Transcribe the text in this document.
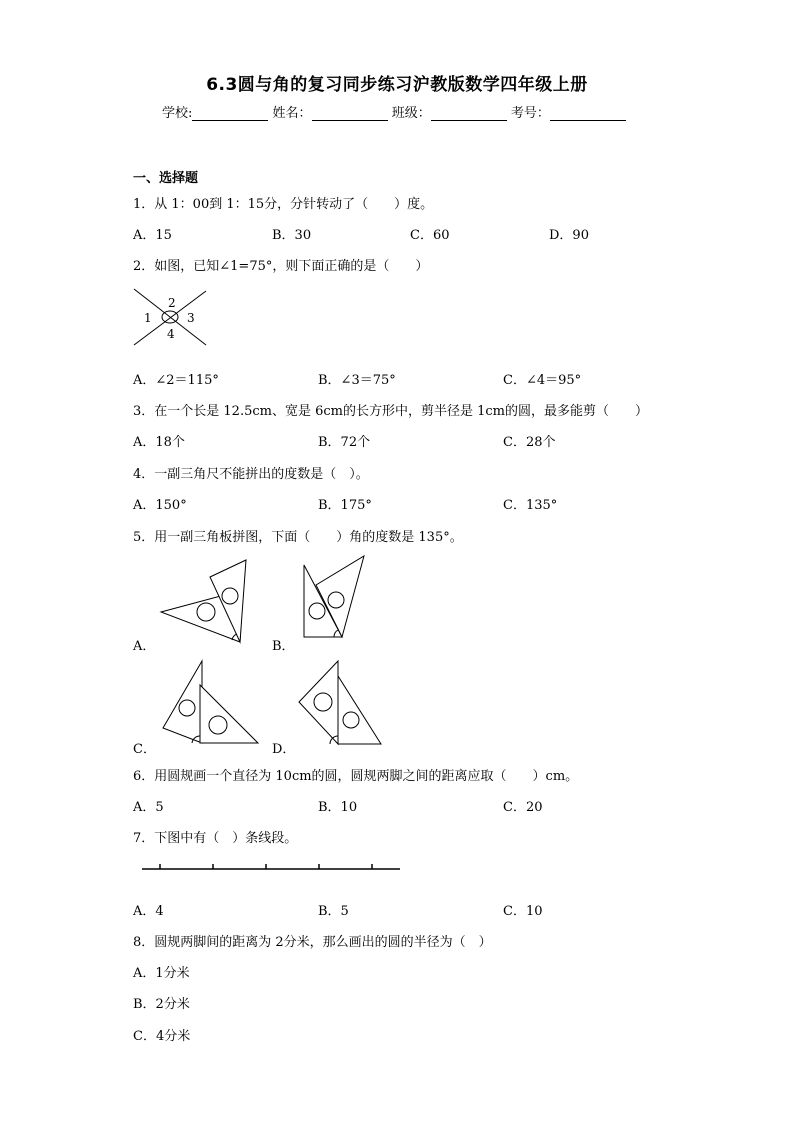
6.3圆与角的复习同步练习沪教版数学四年级上册
学校:	姓名：	班级：	考号：
一、选择题
1．从 1：00到 1：15分，分针转动了（　　）度。
A．15	B．30	C．60	D．90
2．如图，已知∠1=75°，则下面正确的是（　　）
1
2
3
4
A．∠2＝115°	B．∠3＝75°	C．∠4＝95°
3．在一个长是 12.5cm、宽是 6cm的长方形中，剪半径是 1cm的圆，最多能剪（　　）
A．18个	B．72个	C．28个
4．一副三角尺不能拼出的度数是（　）。
A．150°	B．175°	C．135°
5．用一副三角板拼图，下面（　　）角的度数是 135°。
A．	B．
C．	D．
6．用圆规画一个直径为 10cm的圆，圆规两脚之间的距离应取（　　）cm。
A．5	B．10	C．20
7．下图中有（　）条线段。
A．4	B．5	C．10
8．圆规两脚间的距离为 2分米，那么画出的圆的半径为（　）
A．1分米
B．2分米
C．4分米
